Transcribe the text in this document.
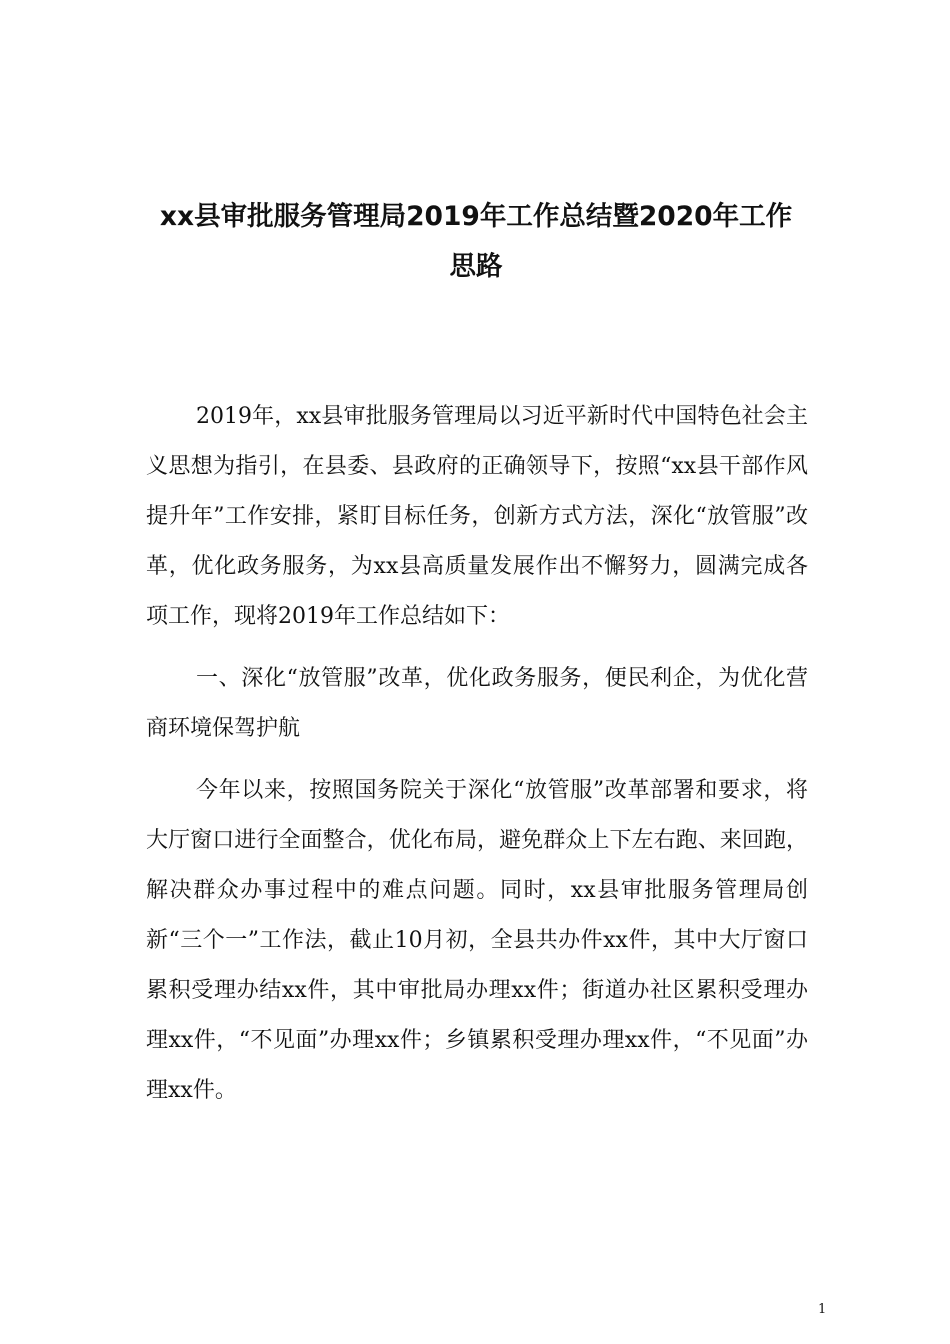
xx县审批服务管理局2019年工作总结暨2020年工作
思路

2019年，xx县审批服务管理局以习近平新时代中国特色社会主义思想为指引，在县委、县政府的正确领导下，按照“xx县干部作风提升年”工作安排，紧盯目标任务，创新方式方法，深化“放管服”改革，优化政务服务，为xx县高质量发展作出不懈努力，圆满完成各项工作，现将2019年工作总结如下：

一、深化“放管服”改革，优化政务服务，便民利企，为优化营商环境保驾护航

今年以来，按照国务院关于深化“放管服”改革部署和要求，将大厅窗口进行全面整合，优化布局，避免群众上下左右跑、来回跑，解决群众办事过程中的难点问题。同时，xx县审批服务管理局创新“三个一”工作法，截止10月初，全县共办件xx件，其中大厅窗口累积受理办结xx件，其中审批局办理xx件；街道办社区累积受理办理xx件，“不见面”办理xx件；乡镇累积受理办理xx件，“不见面”办理xx件。

1
